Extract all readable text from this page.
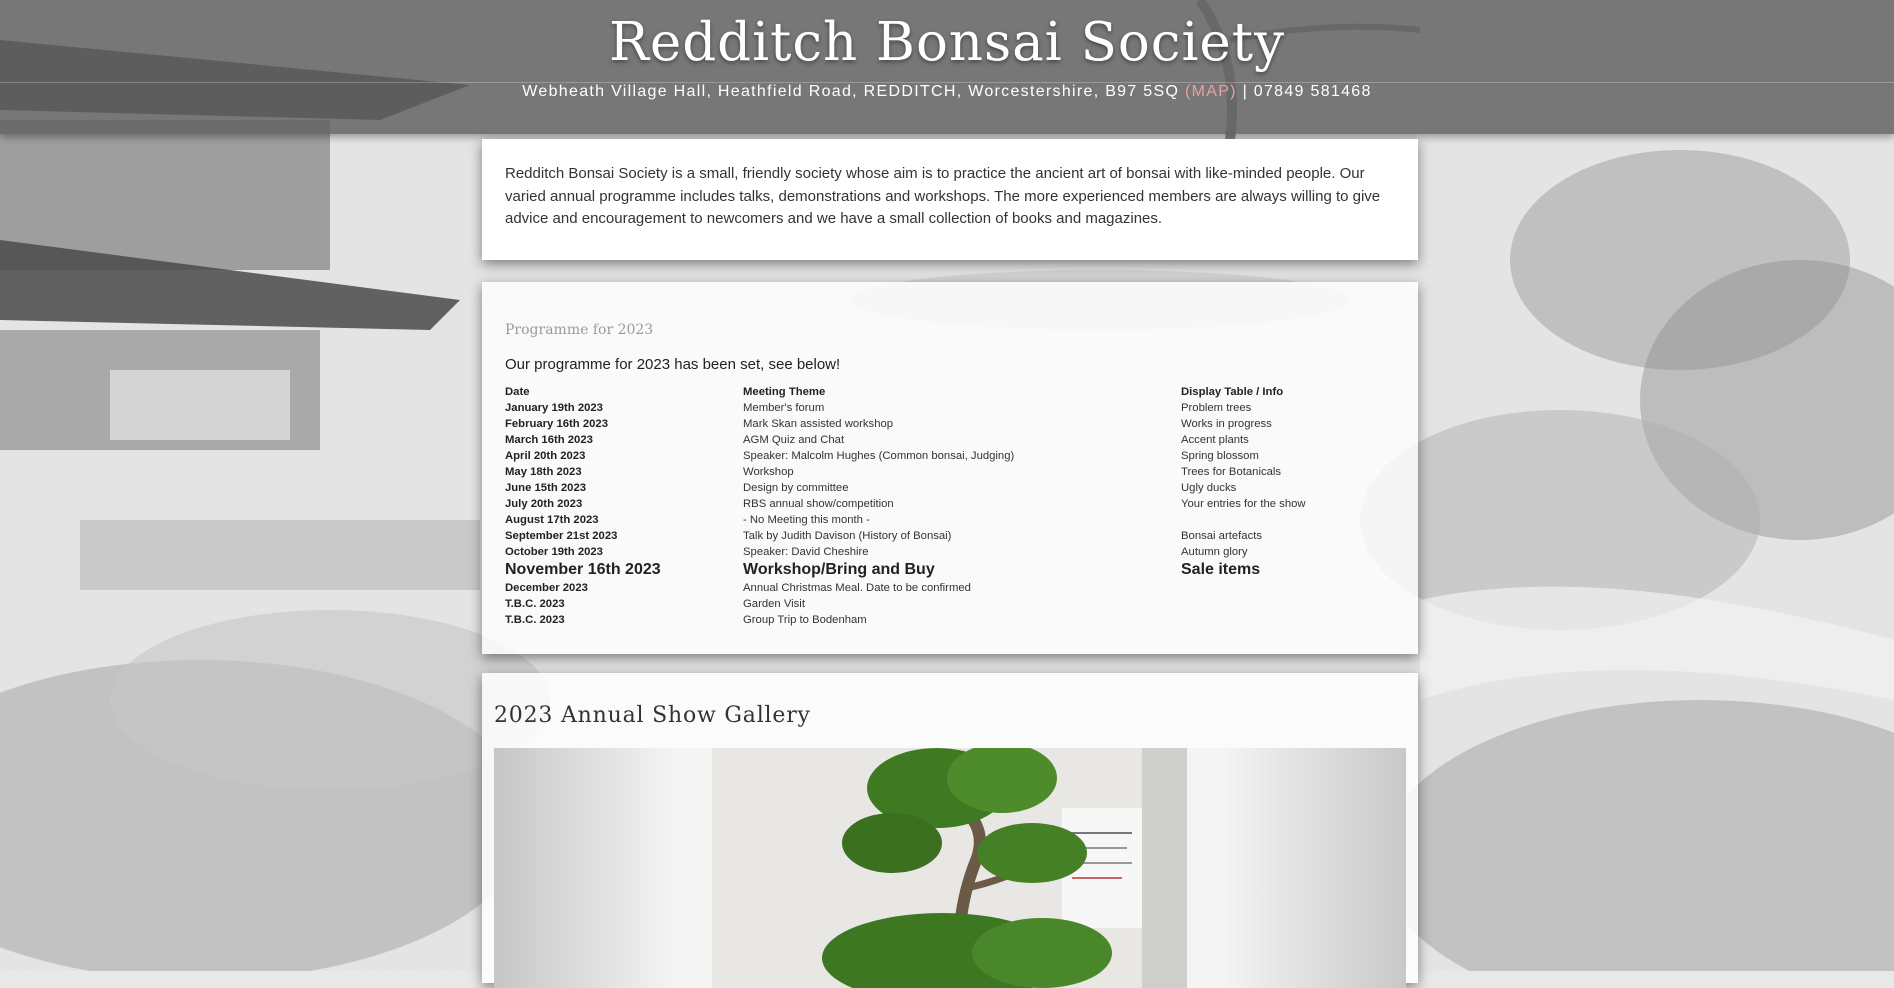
Redditch Bonsai Society
Webheath Village Hall, Heathfield Road, REDDITCH, Worcestershire, B97 5SQ (MAP) | 07849 581468

Redditch Bonsai Society is a small, friendly society whose aim is to practice the ancient art of bonsai with like-minded people. Our varied annual programme includes talks, demonstrations and workshops. The more experienced members are always willing to give advice and encouragement to newcomers and we have a small collection of books and magazines.

Programme for 2023

Our programme for 2023 has been set, see below!

Date	Meeting Theme	Display Table / Info
January 19th 2023	Member's forum	Problem trees
February 16th 2023	Mark Skan assisted workshop	Works in progress
March 16th 2023	AGM Quiz and Chat	Accent plants
April 20th 2023	Speaker: Malcolm Hughes (Common bonsai, Judging)	Spring blossom
May 18th 2023	Workshop	Trees for Botanicals
June 15th 2023	Design by committee	Ugly ducks
July 20th 2023	RBS annual show/competition	Your entries for the show
August 17th 2023	- No Meeting this month -	
September 21st 2023	Talk by Judith Davison (History of Bonsai)	Bonsai artefacts
October 19th 2023	Speaker: David Cheshire	Autumn glory
November 16th 2023	Workshop/Bring and Buy	Sale items
December 2023	Annual Christmas Meal. Date to be confirmed	
T.B.C. 2023	Garden Visit	
T.B.C. 2023	Group Trip to Bodenham	
2023 Annual Show Gallery
